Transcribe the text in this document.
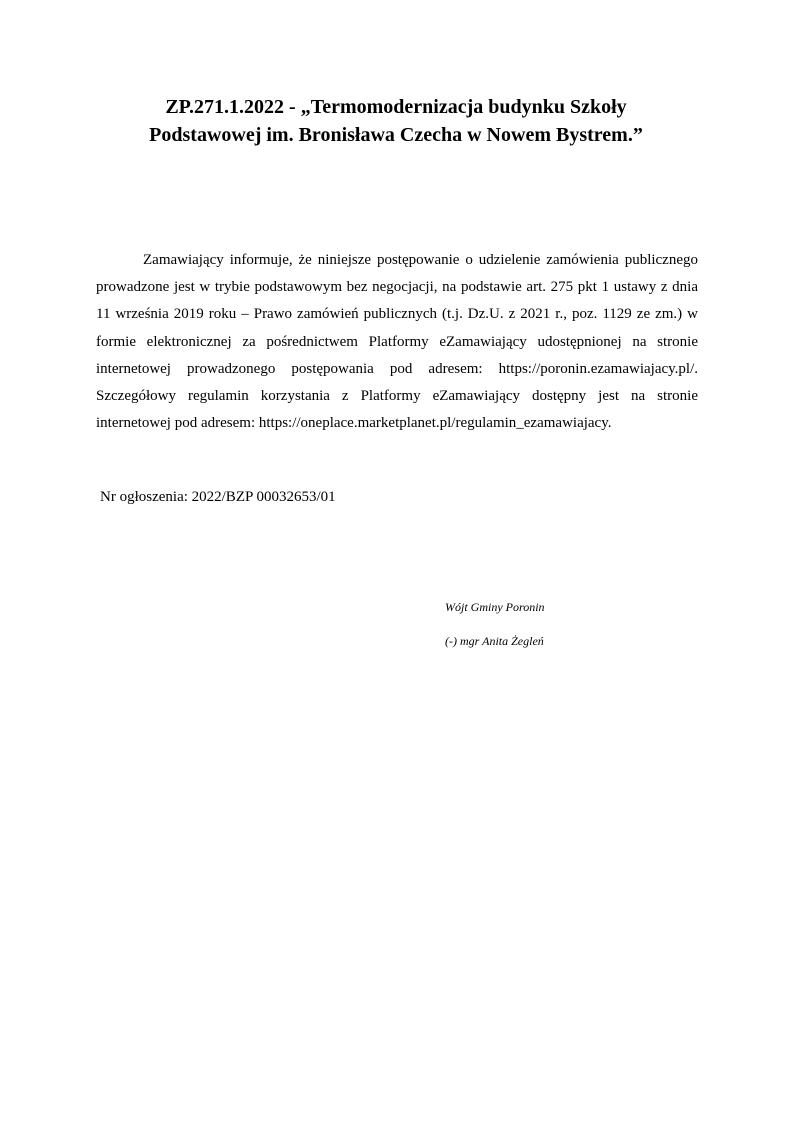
ZP.271.1.2022 - „Termomodernizacja budynku Szkoły
Podstawowej im. Bronisława Czecha w Nowem Bystrem.”

Zamawiający informuje, że niniejsze postępowanie o udzielenie zamówienia publicznego prowadzone jest w trybie podstawowym bez negocjacji, na podstawie art. 275 pkt 1 ustawy z dnia 11 września 2019 roku – Prawo zamówień publicznych (t.j. Dz.U. z 2021 r., poz. 1129 ze zm.) w formie elektronicznej za pośrednictwem Platformy eZamawiający udostępnionej na stronie internetowej prowadzonego postępowania pod adresem: https://poronin.ezamawiajacy.pl/. Szczegółowy regulamin korzystania z Platformy eZamawiający dostępny jest na stronie internetowej pod adresem: https://oneplace.marketplanet.pl/regulamin_ezamawiajacy.

Nr ogłoszenia: 2022/BZP 00032653/01

Wójt Gminy Poronin

(-) mgr Anita Żegleń
